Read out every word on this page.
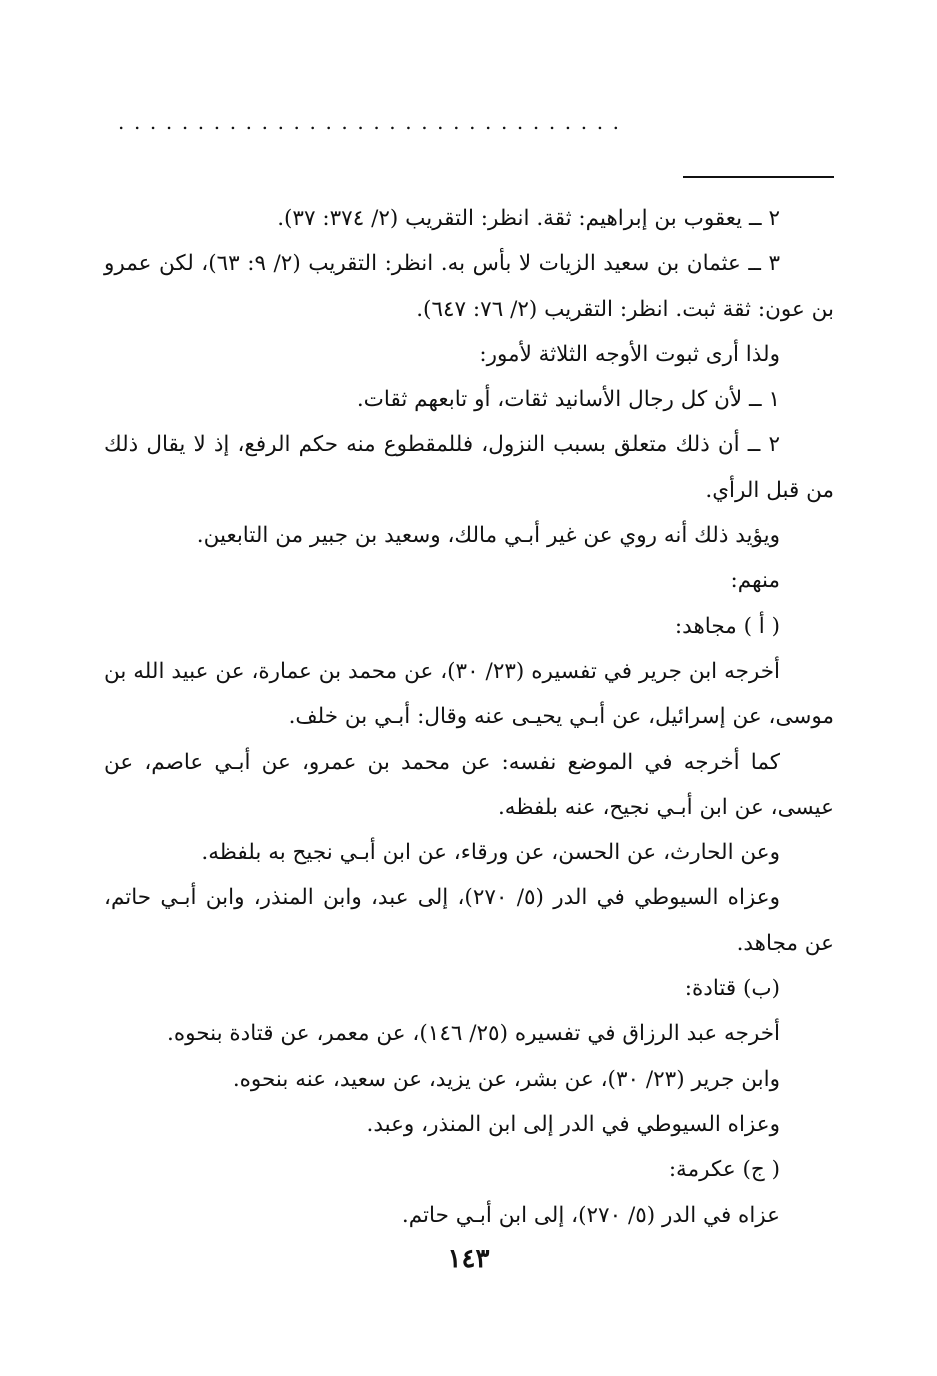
................................

٢ ــ يعقوب بن إبراهيم: ثقة. انظر: التقريب (٢/ ٣٧٤: ٣٧).

٣ ــ عثمان بن سعيد الزيات لا بأس به. انظر: التقريب (٢/ ٩: ٦٣)، لكن عمرو بن عون: ثقة ثبت. انظر: التقريب (٢/ ٧٦: ٦٤٧).

ولذا أرى ثبوت الأوجه الثلاثة لأمور:

١ ــ لأن كل رجال الأسانيد ثقات، أو تابعهم ثقات.

٢ ــ أن ذلك متعلق بسبب النزول، فللمقطوع منه حكم الرفع، إذ لا يقال ذلك من قبل الرأي.

ويؤيد ذلك أنه روي عن غير أبـي مالك، وسعيد بن جبير من التابعين.

منهم:

( أ ) مجاهد:

أخرجه ابن جرير في تفسيره (٢٣/ ٣٠)، عن محمد بن عمارة، عن عبيد الله بن موسى، عن إسرائيل، عن أبـي يحيـى عنه وقال: أبـي بن خلف.

كما أخرجه في الموضع نفسه: عن محمد بن عمرو، عن أبـي عاصم، عن عيسى، عن ابن أبـي نجيح، عنه بلفظه.

وعن الحارث، عن الحسن، عن ورقاء، عن ابن أبـي نجيح به بلفظه.

وعزاه السيوطي في الدر (٥/ ٢٧٠)، إلى عبد، وابن المنذر، وابن أبـي حاتم، عن مجاهد.

(ب) قتادة:

أخرجه عبد الرزاق في تفسيره (٢٥/ ١٤٦)، عن معمر، عن قتادة بنحوه.

وابن جرير (٢٣/ ٣٠)، عن بشر، عن يزيد، عن سعيد، عنه بنحوه.

وعزاه السيوطي في الدر إلى ابن المنذر، وعبد.

( ج) عكرمة:

عزاه في الدر (٥/ ٢٧٠)، إلى ابن أبـي حاتم.

١٤٣
